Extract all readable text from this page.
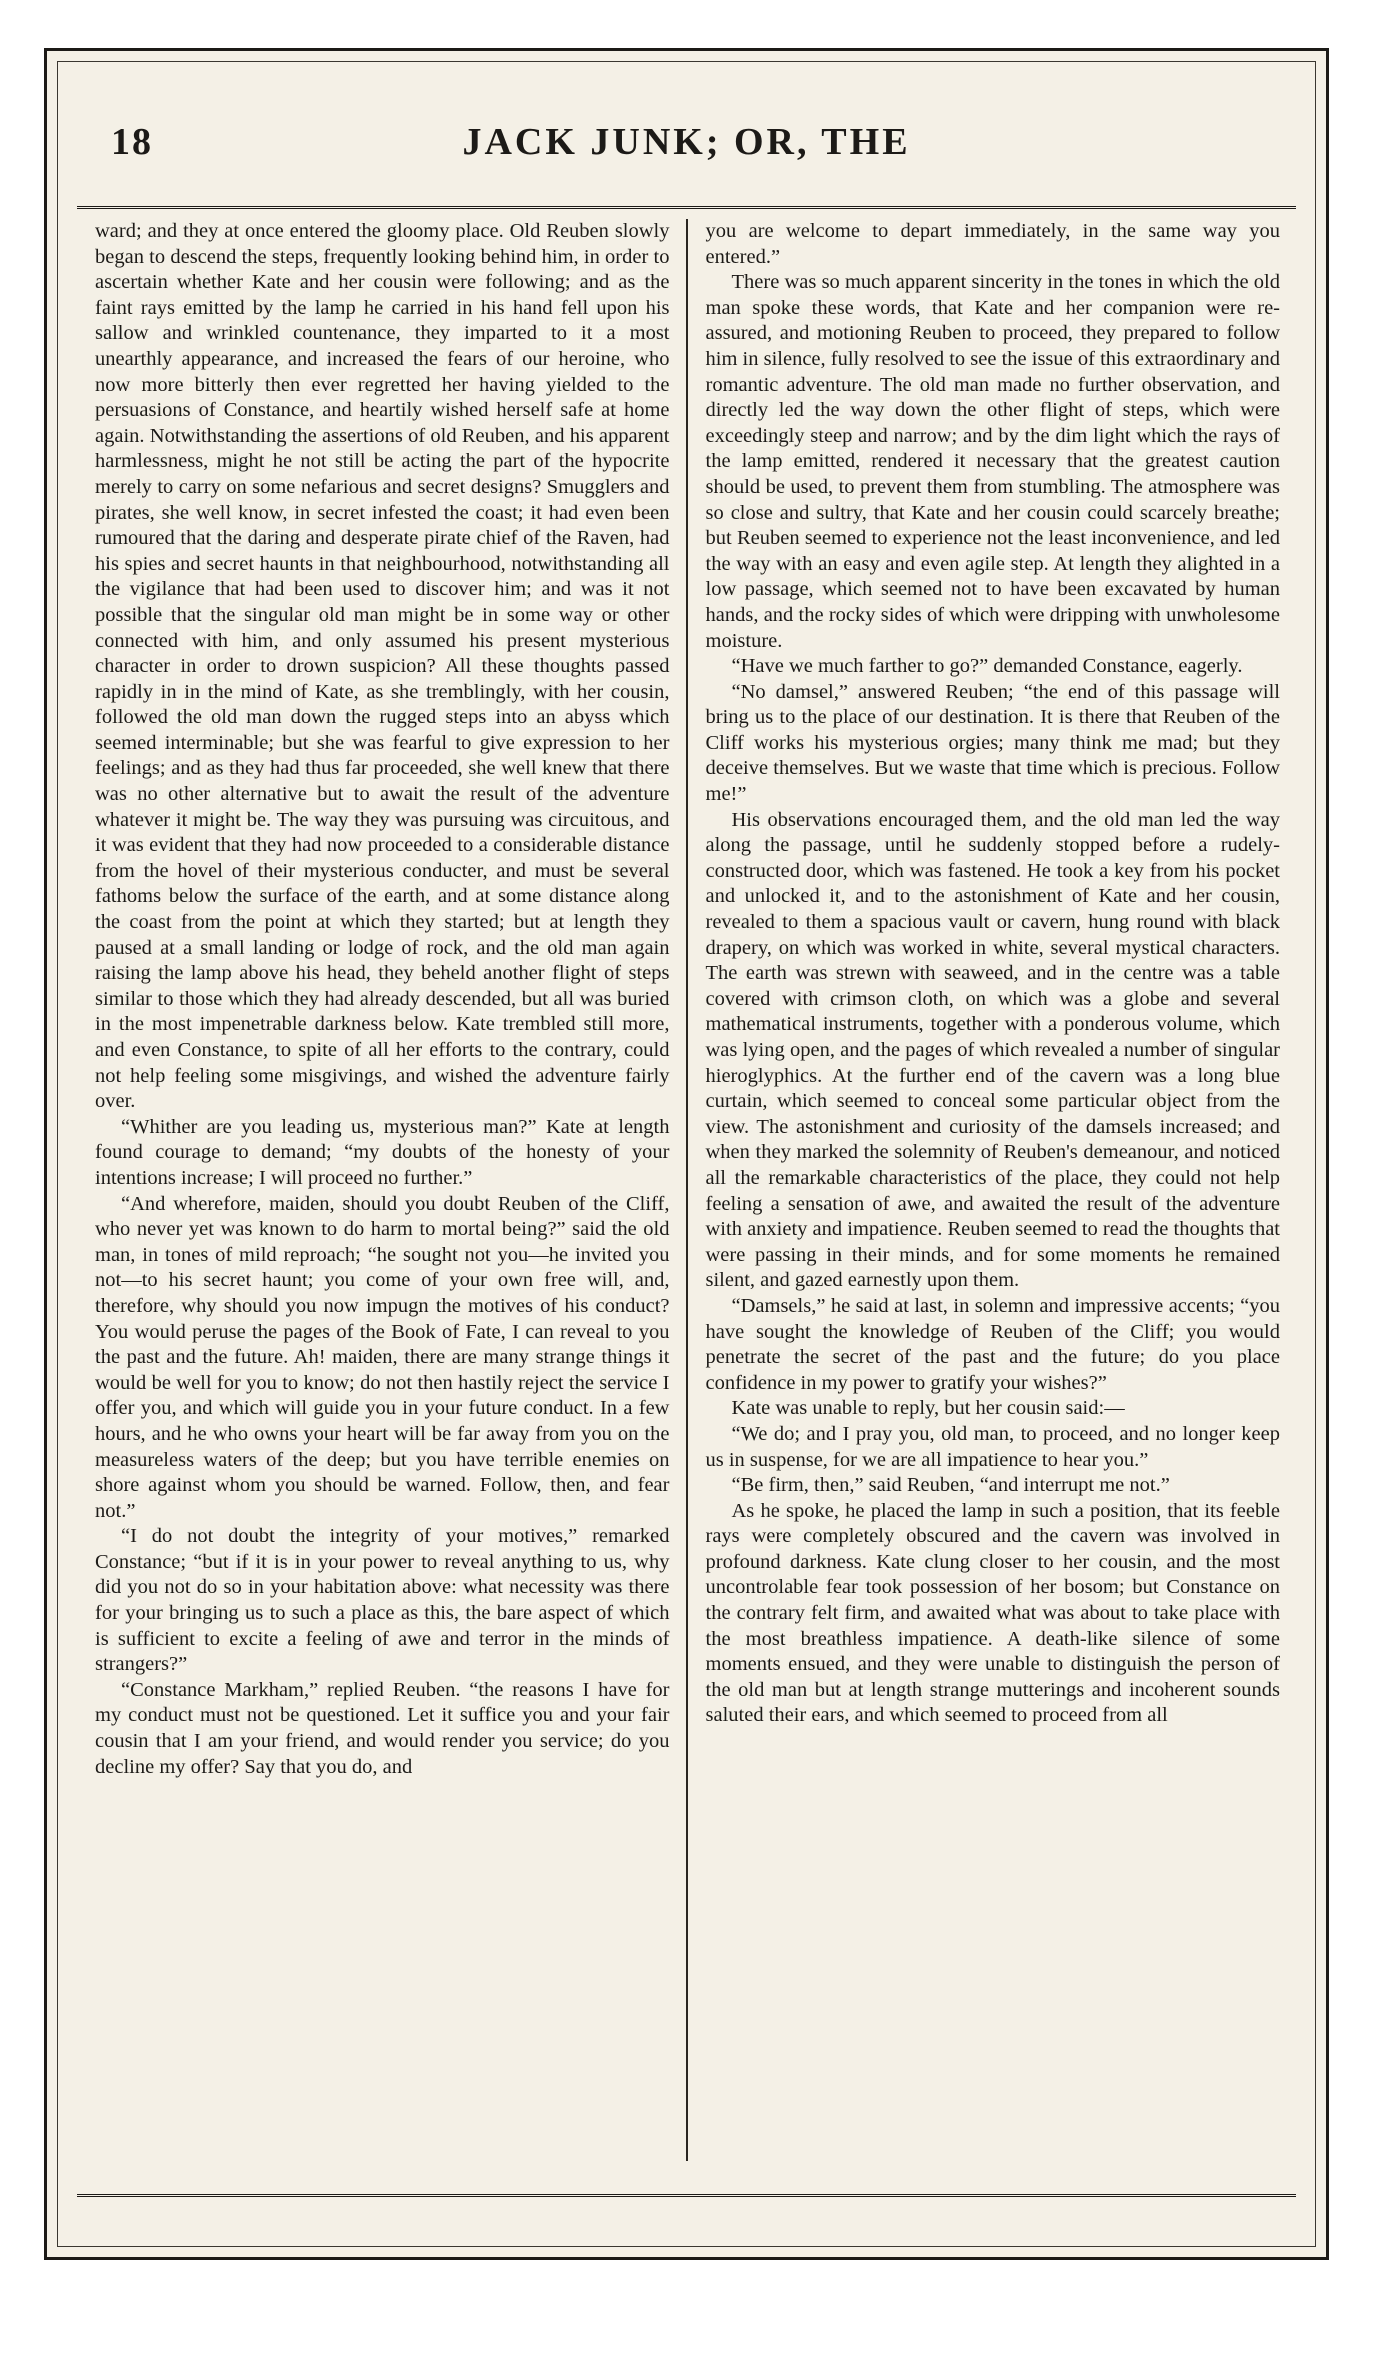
18	JACK JUNK; OR, THE

ward; and they at once entered the gloomy place. Old Reuben slowly began to descend the steps, frequently looking behind him, in order to ascertain whether Kate and her cousin were following; and as the faint rays emitted by the lamp he carried in his hand fell upon his sallow and wrinkled countenance, they imparted to it a most unearthly appearance, and increased the fears of our heroine, who now more bitterly then ever regretted her having yielded to the persuasions of Constance, and heartily wished herself safe at home again. Notwithstanding the assertions of old Reuben, and his apparent harmlessness, might he not still be acting the part of the hypocrite merely to carry on some nefarious and secret designs? Smugglers and pirates, she well know, in secret infested the coast; it had even been rumoured that the daring and desperate pirate chief of the Raven, had his spies and secret haunts in that neighbourhood, notwithstanding all the vigilance that had been used to discover him; and was it not possible that the singular old man might be in some way or other connected with him, and only assumed his present mysterious character in order to drown suspicion? All these thoughts passed rapidly in in the mind of Kate, as she tremblingly, with her cousin, followed the old man down the rugged steps into an abyss which seemed interminable; but she was fearful to give expression to her feelings; and as they had thus far proceeded, she well knew that there was no other alternative but to await the result of the adventure whatever it might be. The way they was pursuing was circuitous, and it was evident that they had now proceeded to a considerable distance from the hovel of their mysterious conducter, and must be several fathoms below the surface of the earth, and at some distance along the coast from the point at which they started; but at length they paused at a small landing or lodge of rock, and the old man again raising the lamp above his head, they beheld another flight of steps similar to those which they had already descended, but all was buried in the most impenetrable darkness below. Kate trembled still more, and even Constance, to spite of all her efforts to the contrary, could not help feeling some misgivings, and wished the adventure fairly over.

“Whither are you leading us, mysterious man?” Kate at length found courage to demand; “my doubts of the honesty of your intentions increase; I will proceed no further.”

“And wherefore, maiden, should you doubt Reuben of the Cliff, who never yet was known to do harm to mortal being?” said the old man, in tones of mild reproach; “he sought not you—he invited you not—to his secret haunt; you come of your own free will, and, therefore, why should you now impugn the motives of his conduct? You would peruse the pages of the Book of Fate, I can reveal to you the past and the future. Ah! maiden, there are many strange things it would be well for you to know; do not then hastily reject the service I offer you, and which will guide you in your future conduct. In a few hours, and he who owns your heart will be far away from you on the measureless waters of the deep; but you have terrible enemies on shore against whom you should be warned. Follow, then, and fear not.”

“I do not doubt the integrity of your motives,” remarked Constance; “but if it is in your power to reveal anything to us, why did you not do so in your habitation above: what necessity was there for your bringing us to such a place as this, the bare aspect of which is sufficient to excite a feeling of awe and terror in the minds of strangers?”

“Constance Markham,” replied Reuben. “the reasons I have for my conduct must not be questioned. Let it suffice you and your fair cousin that I am your friend, and would render you service; do you decline my offer? Say that you do, and

you are welcome to depart immediately, in the same way you entered.”

There was so much apparent sincerity in the tones in which the old man spoke these words, that Kate and her companion were re-assured, and motioning Reuben to proceed, they prepared to follow him in silence, fully resolved to see the issue of this extraordinary and romantic adventure. The old man made no further observation, and directly led the way down the other flight of steps, which were exceedingly steep and narrow; and by the dim light which the rays of the lamp emitted, rendered it necessary that the greatest caution should be used, to prevent them from stumbling. The atmosphere was so close and sultry, that Kate and her cousin could scarcely breathe; but Reuben seemed to experience not the least inconvenience, and led the way with an easy and even agile step. At length they alighted in a low passage, which seemed not to have been excavated by human hands, and the rocky sides of which were dripping with unwholesome moisture.

“Have we much farther to go?” demanded Constance, eagerly.

“No damsel,” answered Reuben; “the end of this passage will bring us to the place of our destination. It is there that Reuben of the Cliff works his mysterious orgies; many think me mad; but they deceive themselves. But we waste that time which is precious. Follow me!”

His observations encouraged them, and the old man led the way along the passage, until he suddenly stopped before a rudely-constructed door, which was fastened. He took a key from his pocket and unlocked it, and to the astonishment of Kate and her cousin, revealed to them a spacious vault or cavern, hung round with black drapery, on which was worked in white, several mystical characters. The earth was strewn with seaweed, and in the centre was a table covered with crimson cloth, on which was a globe and several mathematical instruments, together with a ponderous volume, which was lying open, and the pages of which revealed a number of singular hieroglyphics. At the further end of the cavern was a long blue curtain, which seemed to conceal some particular object from the view. The astonishment and curiosity of the damsels increased; and when they marked the solemnity of Reuben's demeanour, and noticed all the remarkable characteristics of the place, they could not help feeling a sensation of awe, and awaited the result of the adventure with anxiety and impatience. Reuben seemed to read the thoughts that were passing in their minds, and for some moments he remained silent, and gazed earnestly upon them.

“Damsels,” he said at last, in solemn and impressive accents; “you have sought the knowledge of Reuben of the Cliff; you would penetrate the secret of the past and the future; do you place confidence in my power to gratify your wishes?”

Kate was unable to reply, but her cousin said:—

“We do; and I pray you, old man, to proceed, and no longer keep us in suspense, for we are all impatience to hear you.”

“Be firm, then,” said Reuben, “and interrupt me not.”

As he spoke, he placed the lamp in such a position, that its feeble rays were completely obscured and the cavern was involved in profound darkness. Kate clung closer to her cousin, and the most uncontrolable fear took possession of her bosom; but Constance on the contrary felt firm, and awaited what was about to take place with the most breathless impatience. A death-like silence of some moments ensued, and they were unable to distinguish the person of the old man but at length strange mutterings and incoherent sounds saluted their ears, and which seemed to proceed from all
